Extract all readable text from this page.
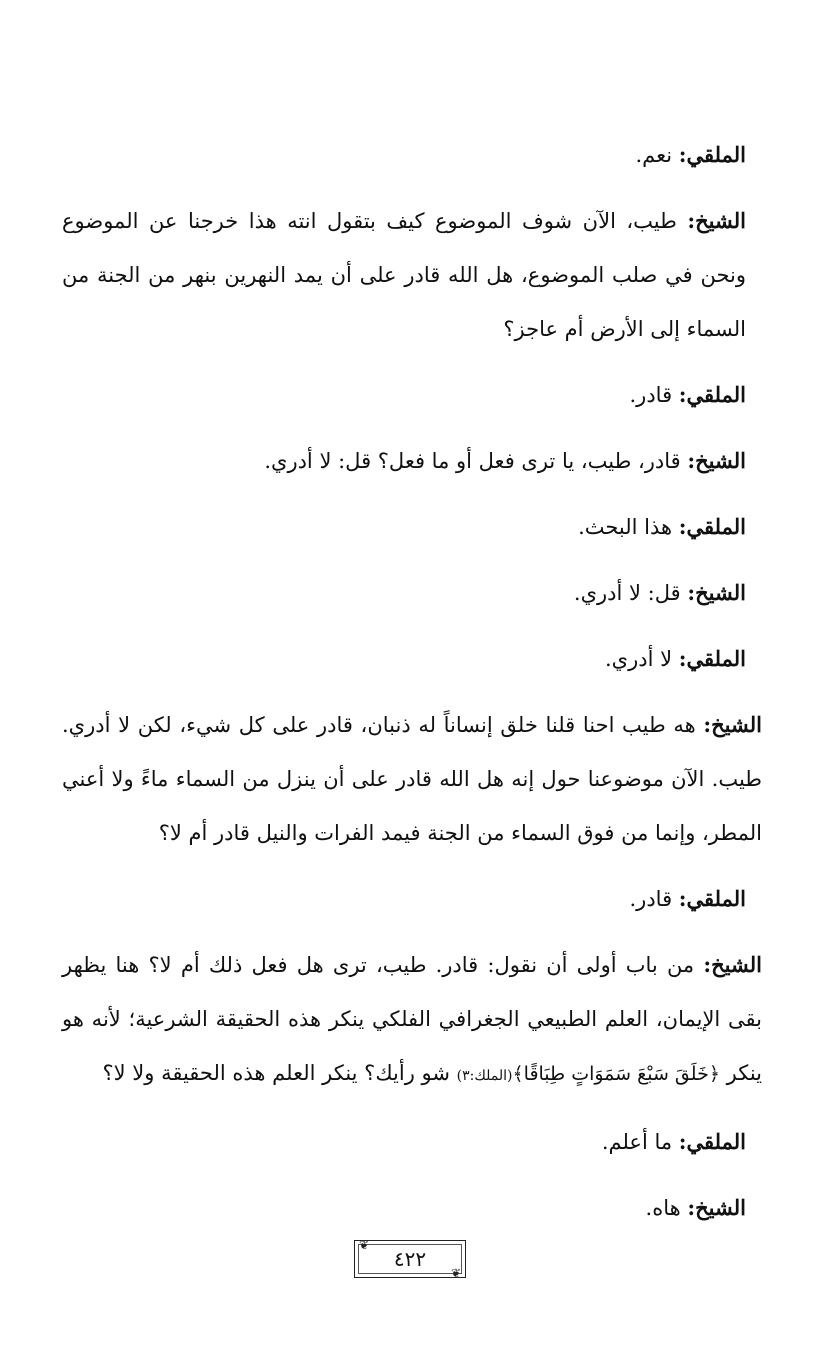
الملقي: نعم.

الشيخ: طيب، الآن شوف الموضوع كيف بتقول انته هذا خرجنا عن الموضوع ونحن في صلب الموضوع، هل الله قادر على أن يمد النهرين بنهر من الجنة من السماء إلى الأرض أم عاجز؟

الملقي: قادر.

الشيخ: قادر، طيب، يا ترى فعل أو ما فعل؟ قل: لا أدري.

الملقي: هذا البحث.

الشيخ: قل: لا أدري.

الملقي: لا أدري.

الشيخ: هه طيب احنا قلنا خلق إنساناً له ذنبان، قادر على كل شيء، لكن لا أدري. طيب. الآن موضوعنا حول إنه هل الله قادر على أن ينزل من السماء ماءً ولا أعني المطر، وإنما من فوق السماء من الجنة فيمد الفرات والنيل قادر أم لا؟

الملقي: قادر.

الشيخ: من باب أولى أن نقول: قادر. طيب، ترى هل فعل ذلك أم لا؟ هنا يظهر بقى الإيمان، العلم الطبيعي الجغرافي الفلكي ينكر هذه الحقيقة الشرعية؛ لأنه هو ينكر ﴿خَلَقَ سَبْعَ سَمَوَاتٍ طِبَاقًا﴾(الملك:٣) شو رأيك؟ ينكر العلم هذه الحقيقة ولا لا؟

الملقي: ما أعلم.

الشيخ: هاه.

❦
٤٢٢
❦
